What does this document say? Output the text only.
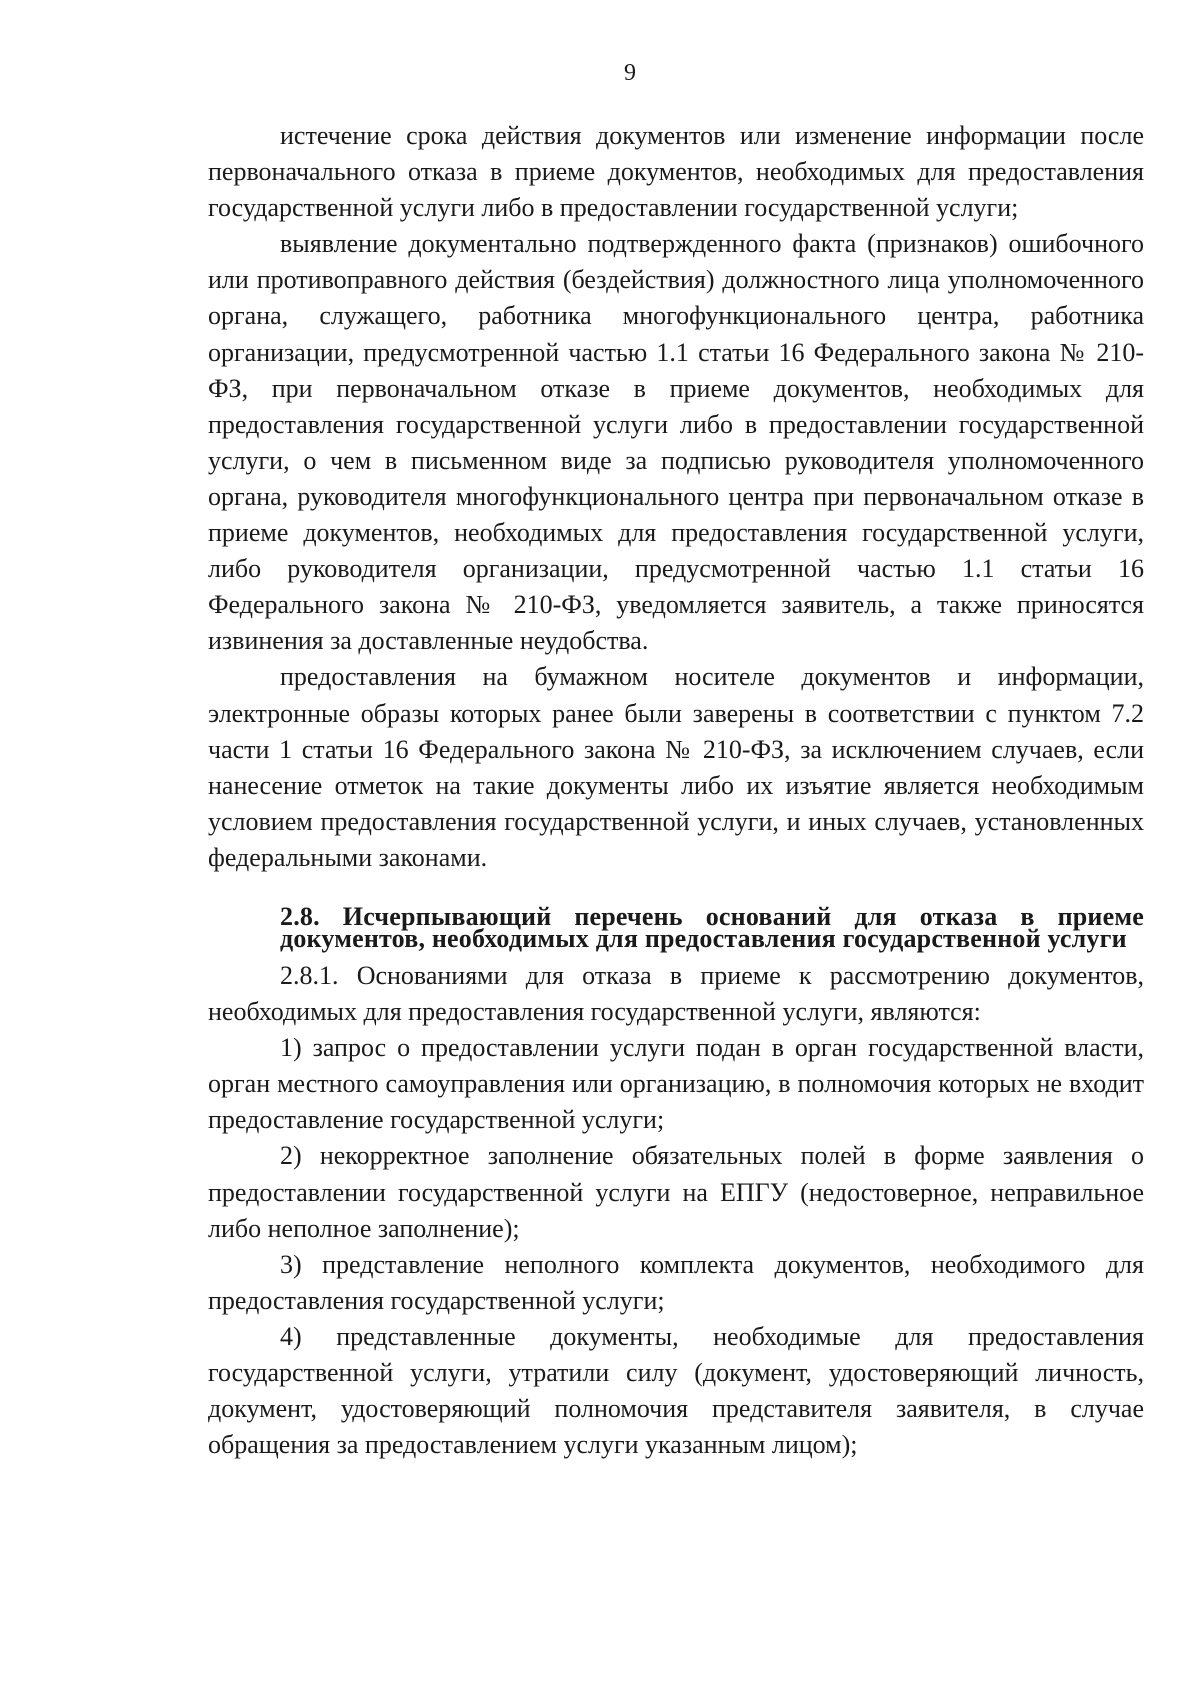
9

истечение срока действия документов или изменение информации после первоначального отказа в приеме документов, необходимых для предоставления государственной услуги либо в предоставлении государственной услуги;

выявление документально подтвержденного факта (признаков) ошибочного или противоправного действия (бездействия) должностного лица уполномоченного органа, служащего, работника многофункционального центра, работника организации, предусмотренной частью 1.1 статьи 16 Федерального закона № 210-ФЗ, при первоначальном отказе в приеме документов, необходимых для предоставления государственной услуги либо в предоставлении государственной услуги, о чем в письменном виде за подписью руководителя уполномоченного органа, руководителя многофункционального центра при первоначальном отказе в приеме документов, необходимых для предоставления государственной услуги, либо руководителя организации, предусмотренной частью 1.1 статьи 16 Федерального закона № 210-ФЗ, уведомляется заявитель, а также приносятся извинения за доставленные неудобства.

предоставления на бумажном носителе документов и информации, электронные образы которых ранее были заверены в соответствии с пунктом 7.2 части 1 статьи 16 Федерального закона № 210-ФЗ, за исключением случаев, если нанесение отметок на такие документы либо их изъятие является необходимым условием предоставления государственной услуги, и иных случаев, установленных федеральными законами.

2.8. Исчерпывающий перечень оснований для отказа в приеме документов, необходимых для предоставления государственной услуги

2.8.1. Основаниями для отказа в приеме к рассмотрению документов, необходимых для предоставления государственной услуги, являются:

1) запрос о предоставлении услуги подан в орган государственной власти, орган местного самоуправления или организацию, в полномочия которых не входит предоставление государственной услуги;

2) некорректное заполнение обязательных полей в форме заявления о предоставлении государственной услуги на ЕПГУ (недостоверное, неправильное либо неполное заполнение);

3) представление неполного комплекта документов, необходимого для предоставления государственной услуги;

4) представленные документы, необходимые для предоставления государственной услуги, утратили силу (документ, удостоверяющий личность, документ, удостоверяющий полномочия представителя заявителя, в случае обращения за предоставлением услуги указанным лицом);
